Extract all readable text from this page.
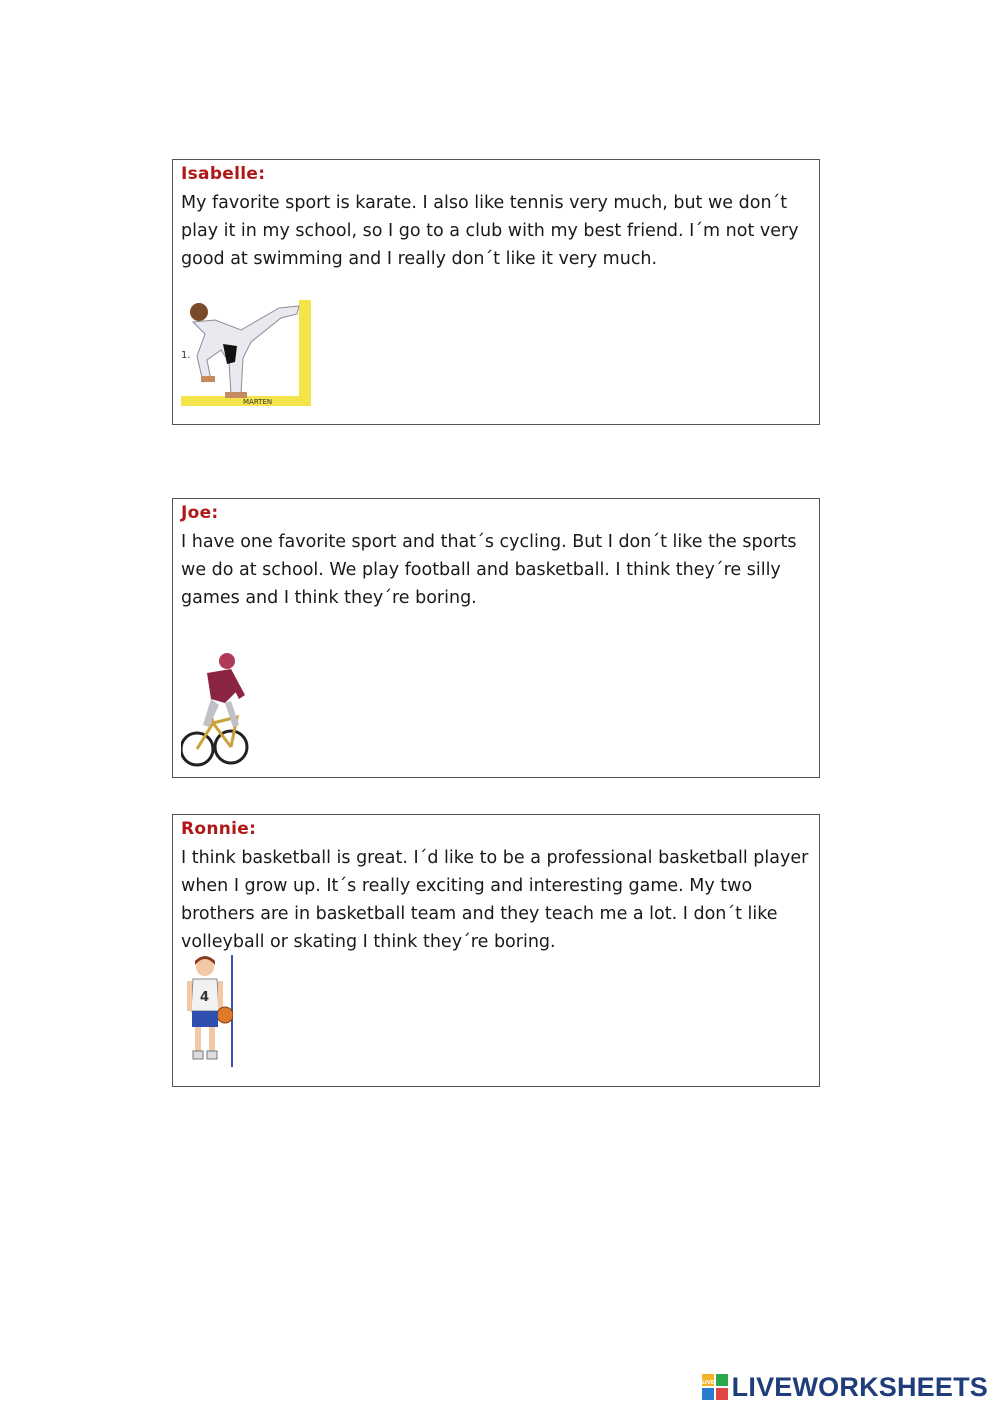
Isabelle:

My favorite sport is karate. I also like tennis very much, but we don´t play it in my school, so I go to a club with my best friend. I´m not very good at swimming and I really don´t like it very much.

1.
MARTEN
Joe:

I have one favorite sport and that´s cycling. But I don´t like the sports we do at school. We play football and basketball. I think they´re silly games and I think they´re boring.

Ronnie:

I think basketball is great. I´d like to be a professional basketball player when I grow up. It´s really exciting and interesting game. My two brothers are in basketball team and they teach me a lot. I don´t like volleyball or skating I think they´re boring.

4
LIVE LIVEWORKSHEETS
